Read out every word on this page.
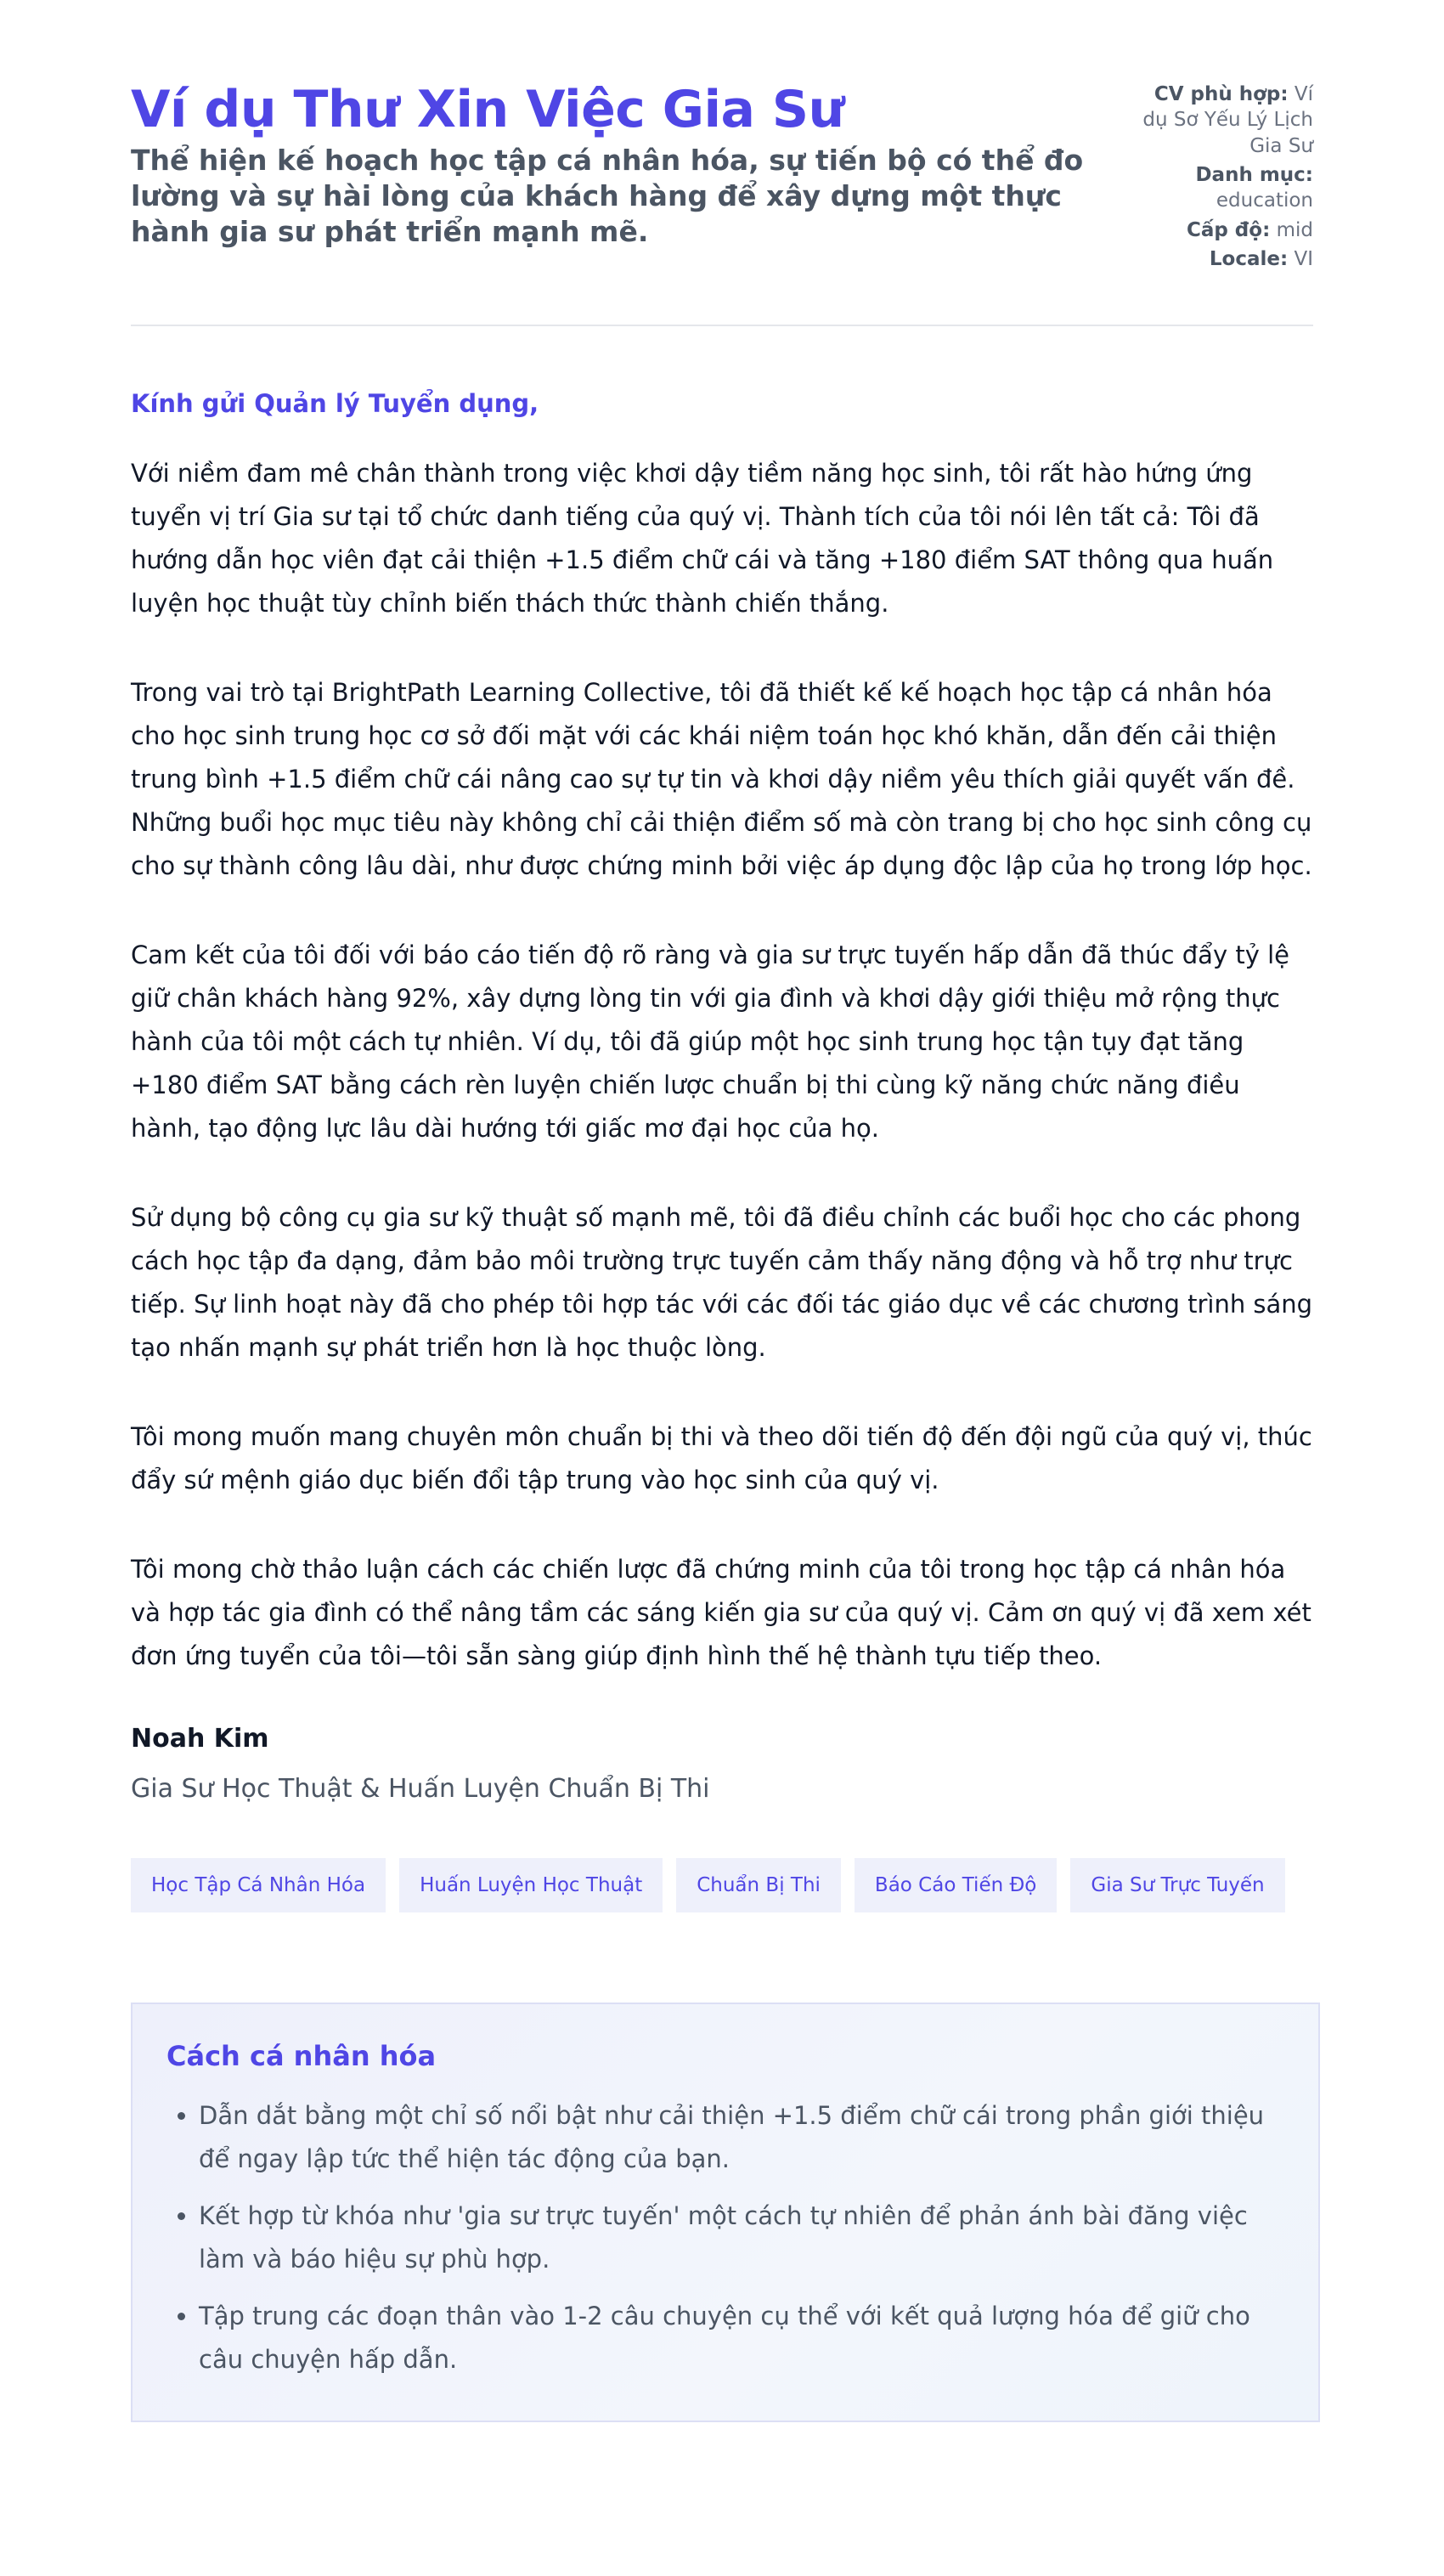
Ví dụ Thư Xin Việc Gia Sư

Thể hiện kế hoạch học tập cá nhân hóa, sự tiến bộ có thể đo lường và sự hài lòng của khách hàng để xây dựng một thực hành gia sư phát triển mạnh mẽ.

CV phù hợp: Ví dụ Sơ Yếu Lý Lịch Gia Sư
Danh mục: education
Cấp độ: mid
Locale: VI
Kính gửi Quản lý Tuyển dụng,

Với niềm đam mê chân thành trong việc khơi dậy tiềm năng học sinh, tôi rất hào hứng ứng tuyển vị trí Gia sư tại tổ chức danh tiếng của quý vị. Thành tích của tôi nói lên tất cả: Tôi đã hướng dẫn học viên đạt cải thiện +1.5 điểm chữ cái và tăng +180 điểm SAT thông qua huấn luyện học thuật tùy chỉnh biến thách thức thành chiến thắng.

Trong vai trò tại BrightPath Learning Collective, tôi đã thiết kế kế hoạch học tập cá nhân hóa cho học sinh trung học cơ sở đối mặt với các khái niệm toán học khó khăn, dẫn đến cải thiện trung bình +1.5 điểm chữ cái nâng cao sự tự tin và khơi dậy niềm yêu thích giải quyết vấn đề. Những buổi học mục tiêu này không chỉ cải thiện điểm số mà còn trang bị cho học sinh công cụ cho sự thành công lâu dài, như được chứng minh bởi việc áp dụng độc lập của họ trong lớp học.

Cam kết của tôi đối với báo cáo tiến độ rõ ràng và gia sư trực tuyến hấp dẫn đã thúc đẩy tỷ lệ giữ chân khách hàng 92%, xây dựng lòng tin với gia đình và khơi dậy giới thiệu mở rộng thực hành của tôi một cách tự nhiên. Ví dụ, tôi đã giúp một học sinh trung học tận tụy đạt tăng +180 điểm SAT bằng cách rèn luyện chiến lược chuẩn bị thi cùng kỹ năng chức năng điều hành, tạo động lực lâu dài hướng tới giấc mơ đại học của họ.

Sử dụng bộ công cụ gia sư kỹ thuật số mạnh mẽ, tôi đã điều chỉnh các buổi học cho các phong cách học tập đa dạng, đảm bảo môi trường trực tuyến cảm thấy năng động và hỗ trợ như trực tiếp. Sự linh hoạt này đã cho phép tôi hợp tác với các đối tác giáo dục về các chương trình sáng tạo nhấn mạnh sự phát triển hơn là học thuộc lòng.

Tôi mong muốn mang chuyên môn chuẩn bị thi và theo dõi tiến độ đến đội ngũ của quý vị, thúc đẩy sứ mệnh giáo dục biến đổi tập trung vào học sinh của quý vị.

Tôi mong chờ thảo luận cách các chiến lược đã chứng minh của tôi trong học tập cá nhân hóa và hợp tác gia đình có thể nâng tầm các sáng kiến gia sư của quý vị. Cảm ơn quý vị đã xem xét đơn ứng tuyển của tôi—tôi sẵn sàng giúp định hình thế hệ thành tựu tiếp theo.

Noah Kim
Gia Sư Học Thuật & Huấn Luyện Chuẩn Bị Thi
Học Tập Cá Nhân Hóa	Huấn Luyện Học Thuật	Chuẩn Bị Thi	Báo Cáo Tiến Độ	Gia Sư Trực Tuyến
Cách cá nhân hóa
• Dẫn dắt bằng một chỉ số nổi bật như cải thiện +1.5 điểm chữ cái trong phần giới thiệu để ngay lập tức thể hiện tác động của bạn.
• Kết hợp từ khóa như 'gia sư trực tuyến' một cách tự nhiên để phản ánh bài đăng việc làm và báo hiệu sự phù hợp.
• Tập trung các đoạn thân vào 1-2 câu chuyện cụ thể với kết quả lượng hóa để giữ cho câu chuyện hấp dẫn.
